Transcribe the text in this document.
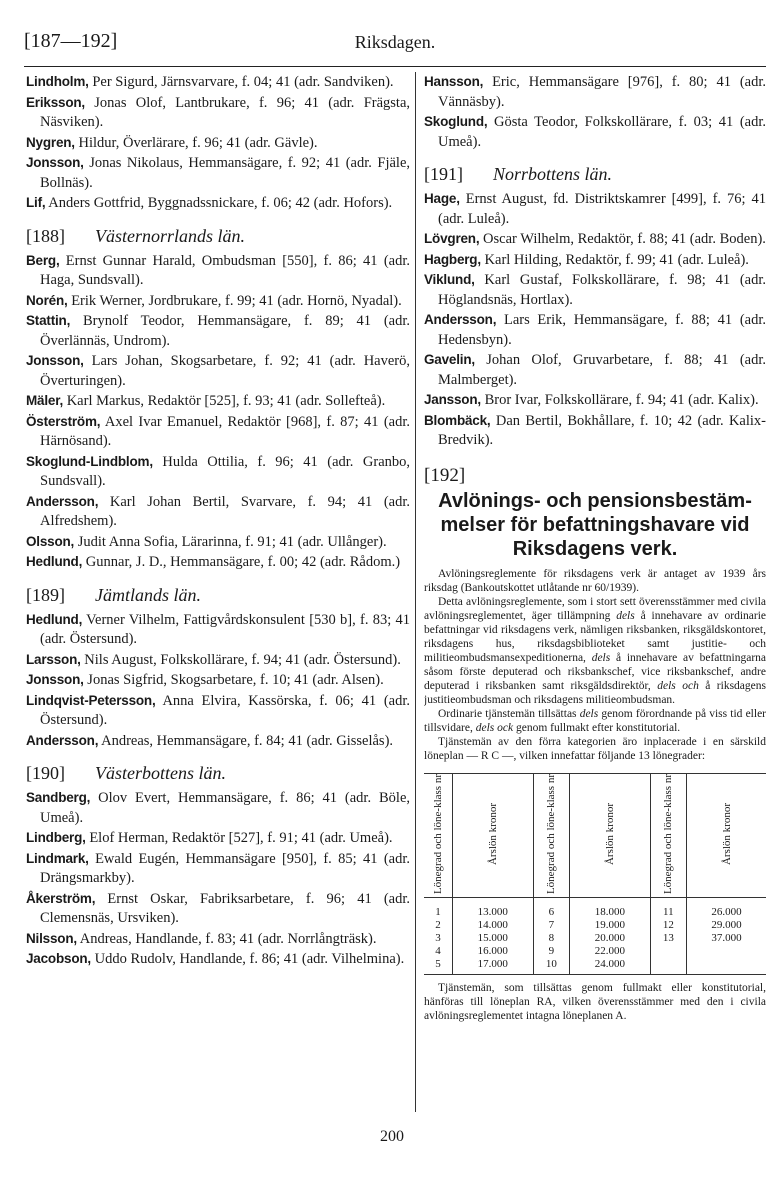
[187—192]	Riksdagen.

Lindholm, Per Sigurd, Järnsvarvare, f. 04; 41 (adr. Sandviken).

Eriksson, Jonas Olof, Lantbrukare, f. 96; 41 (adr. Frägsta, Näsviken).

Nygren, Hildur, Överlärare, f. 96; 41 (adr. Gävle).

Jonsson, Jonas Nikolaus, Hemmansägare, f. 92; 41 (adr. Fjäle, Bollnäs).

Lif, Anders Gottfrid, Byggnadssnickare, f. 06; 42 (adr. Hofors).

[188] Västernorrlands län.

Berg, Ernst Gunnar Harald, Ombudsman [550], f. 86; 41 (adr. Haga, Sundsvall).

Norén, Erik Werner, Jordbrukare, f. 99; 41 (adr. Hornö, Nyadal).

Stattin, Brynolf Teodor, Hemmansägare, f. 89; 41 (adr. Överlännäs, Undrom).

Jonsson, Lars Johan, Skogsarbetare, f. 92; 41 (adr. Haverö, Överturingen).

Mäler, Karl Markus, Redaktör [525], f. 93; 41 (adr. Sollefteå).

Österström, Axel Ivar Emanuel, Redaktör [968], f. 87; 41 (adr. Härnösand).

Skoglund-Lindblom, Hulda Ottilia, f. 96; 41 (adr. Granbo, Sundsvall).

Andersson, Karl Johan Bertil, Svarvare, f. 94; 41 (adr. Alfredshem).

Olsson, Judit Anna Sofia, Lärarinna, f. 91; 41 (adr. Ullånger).

Hedlund, Gunnar, J. D., Hemmansägare, f. 00; 42 (adr. Rådom.)

[189] Jämtlands län.

Hedlund, Verner Vilhelm, Fattigvårdskonsulent [530 b], f. 83; 41 (adr. Östersund).

Larsson, Nils August, Folkskollärare, f. 94; 41 (adr. Östersund).

Jonsson, Jonas Sigfrid, Skogsarbetare, f. 10; 41 (adr. Alsen).

Lindqvist-Petersson, Anna Elvira, Kassörska, f. 06; 41 (adr. Östersund).

Andersson, Andreas, Hemmansägare, f. 84; 41 (adr. Gisselås).

[190] Västerbottens län.

Sandberg, Olov Evert, Hemmansägare, f. 86; 41 (adr. Böle, Umeå).

Lindberg, Elof Herman, Redaktör [527], f. 91; 41 (adr. Umeå).

Lindmark, Ewald Eugén, Hemmansägare [950], f. 85; 41 (adr. Drängsmarkby).

Åkerström, Ernst Oskar, Fabriksarbetare, f. 96; 41 (adr. Clemensnäs, Ursviken).

Nilsson, Andreas, Handlande, f. 83; 41 (adr. Norrlångträsk).

Jacobson, Uddo Rudolv, Handlande, f. 86; 41 (adr. Vilhelmina).

Hansson, Eric, Hemmansägare [976], f. 80; 41 (adr. Vännäsby).

Skoglund, Gösta Teodor, Folkskollärare, f. 03; 41 (adr. Umeå).

[191] Norrbottens län.

Hage, Ernst August, fd. Distriktskamrer [499], f. 76; 41 (adr. Luleå).

Lövgren, Oscar Wilhelm, Redaktör, f. 88; 41 (adr. Boden).

Hagberg, Karl Hilding, Redaktör, f. 99; 41 (adr. Luleå).

Viklund, Karl Gustaf, Folkskollärare, f. 98; 41 (adr. Höglandsnäs, Hortlax).

Andersson, Lars Erik, Hemmansägare, f. 88; 41 (adr. Hedensbyn).

Gavelin, Johan Olof, Gruvarbetare, f. 88; 41 (adr. Malmberget).

Jansson, Bror Ivar, Folkskollärare, f. 94; 41 (adr. Kalix).

Blombäck, Dan Bertil, Bokhållare, f. 10; 42 (adr. Kalix-Bredvik).

[192]
Avlönings- och pensionsbestäm-
melser för befattningshavare vid
Riksdagens verk.

Avlöningsreglemente för riksdagens verk är antaget av 1939 års riksdag (Bankoutskottet utlåtande nr 60/1939).

Detta avlöningsreglemente, som i stort sett överensstämmer med civila avlöningsreglementet, äger tillämpning dels å innehavare av ordinarie befattningar vid riksdagens verk, nämligen riksbanken, riksgäldskontoret, riksdagens hus, riksdagsbiblioteket samt justitie- och militieombudsmansexpeditionerna, dels å innehavare av befattningarna såsom förste deputerad och riksbankschef, vice riksbankschef, andre deputerad i riksbanken samt riksgäldsdirektör, dels och å riksdagens justitieombudsman och riksdagens militieombudsman.

Ordinarie tjänstemän tillsättas dels genom förordnande på viss tid eller tillsvidare, dels ock genom fullmakt efter konstitutorial.

Tjänstemän av den förra kategorien äro inplacerade i en särskild löneplan — R C —, vilken innefattar följande 13 lönegrader:

Lönegrad och löne-klass nr	Årslön kronor	Lönegrad och löne-klass nr	Årslön kronor	Lönegrad och löne-klass nr	Årslön kronor
1	13.000	6	18.000	11	26.000
2	14.000	7	19.000	12	29.000
3	15.000	8	20.000	13	37.000
4	16.000	9	22.000		
5	17.000	10	24.000		

Tjänstemän, som tillsättas genom fullmakt eller konstitutorial, hänföras till löneplan RA, vilken överensstämmer med den i civila avlöningsreglementet intagna löneplanen A.

200
